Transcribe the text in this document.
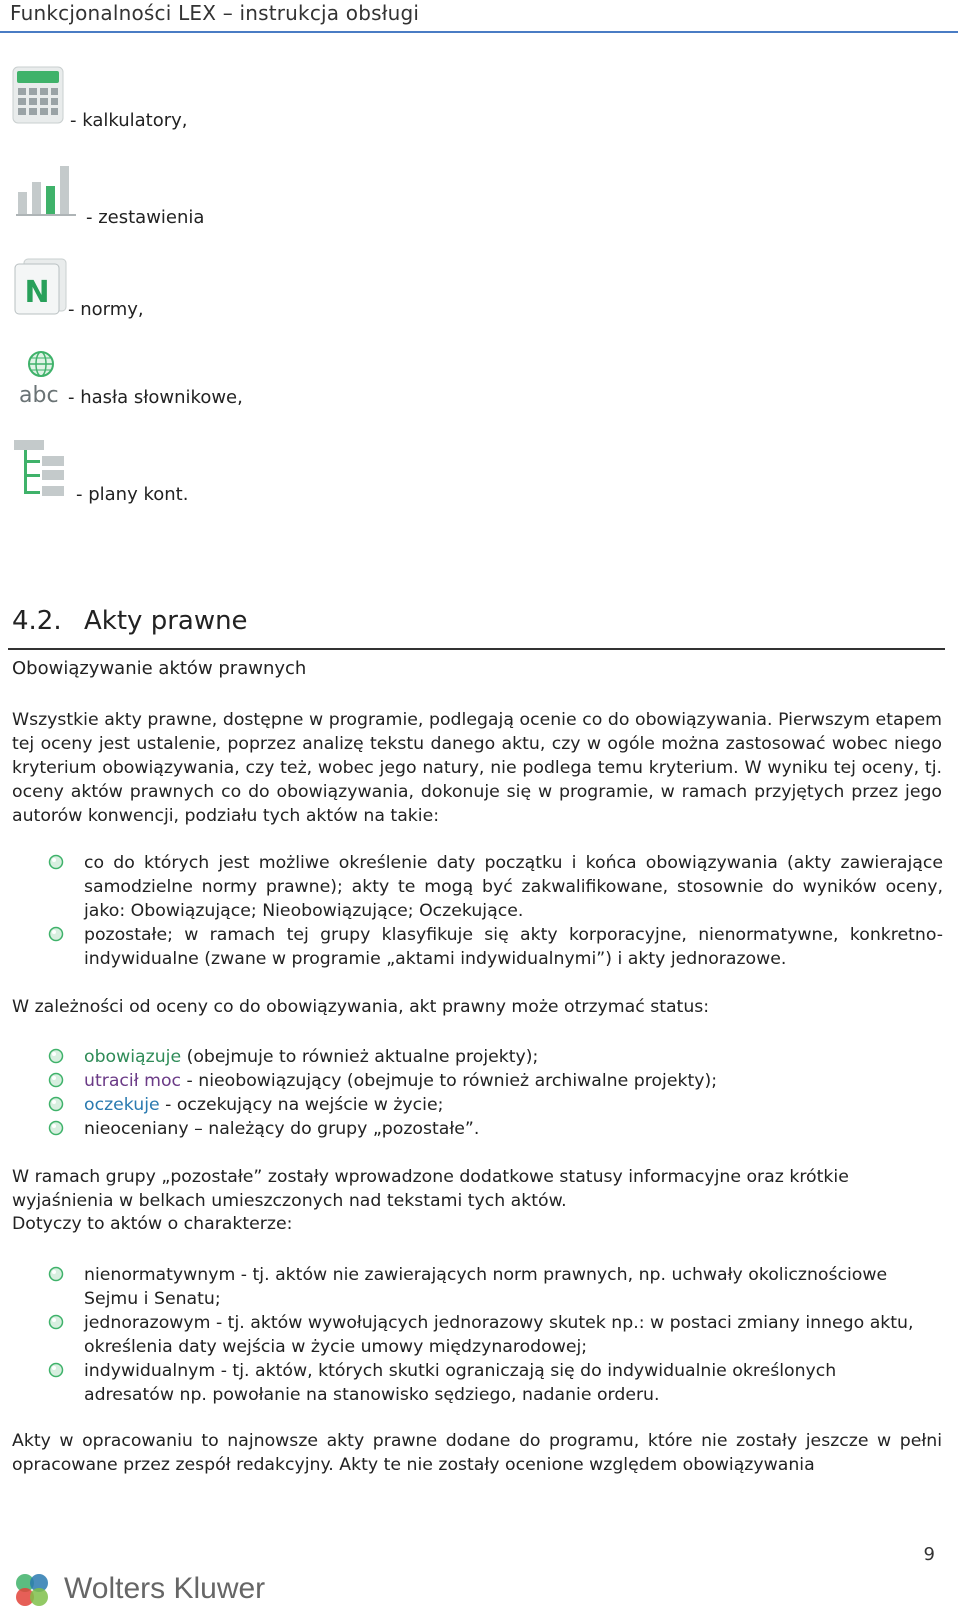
Funkcjonalności LEX – instrukcja obsługi
- kalkulatory,
- zestawienia
N - normy,
abc - hasła słownikowe,
- plany kont.
4.2. Akty prawne
Obowiązywanie aktów prawnych
Wszystkie akty prawne, dostępne w programie, podlegają ocenie co do obowiązywania. Pierwszym etapem tej oceny jest ustalenie, poprzez analizę tekstu danego aktu, czy w ogóle można zastosować wobec niego kryterium obowiązywania, czy też, wobec jego natury, nie podlega temu kryterium. W wyniku tej oceny, tj. oceny aktów prawnych co do obowiązywania, dokonuje się w programie, w ramach przyjętych przez jego autorów konwencji, podziału tych aktów na takie:
co do których jest możliwe określenie daty początku i końca obowiązywania (akty zawierające samodzielne normy prawne); akty te mogą być zakwalifikowane, stosownie do wyników oceny, jako: Obowiązujące; Nieobowiązujące; Oczekujące.
pozostałe; w ramach tej grupy klasyfikuje się akty korporacyjne, nienormatywne, konkretno-indywidualne (zwane w programie „aktami indywidualnymi”) i akty jednorazowe.
W zależności od oceny co do obowiązywania, akt prawny może otrzymać status:
obowiązuje (obejmuje to również aktualne projekty);
utracił moc - nieobowiązujący (obejmuje to również archiwalne projekty);
oczekuje - oczekujący na wejście w życie;
nieoceniany – należący do grupy „pozostałe”.
W ramach grupy „pozostałe” zostały wprowadzone dodatkowe statusy informacyjne oraz krótkie wyjaśnienia w belkach umieszczonych nad tekstami tych aktów.
Dotyczy to aktów o charakterze:
nienormatywnym - tj. aktów nie zawierających norm prawnych, np. uchwały okolicznościowe Sejmu i Senatu;
jednorazowym - tj. aktów wywołujących jednorazowy skutek np.: w postaci zmiany innego aktu, określenia daty wejścia w życie umowy międzynarodowej;
indywidualnym - tj. aktów, których skutki ograniczają się do indywidualnie określonych adresatów np. powołanie na stanowisko sędziego, nadanie orderu.
Akty w opracowaniu to najnowsze akty prawne dodane do programu, które nie zostały jeszcze w pełni opracowane przez zespół redakcyjny. Akty te nie zostały ocenione względem obowiązywania
9
Wolters Kluwer
